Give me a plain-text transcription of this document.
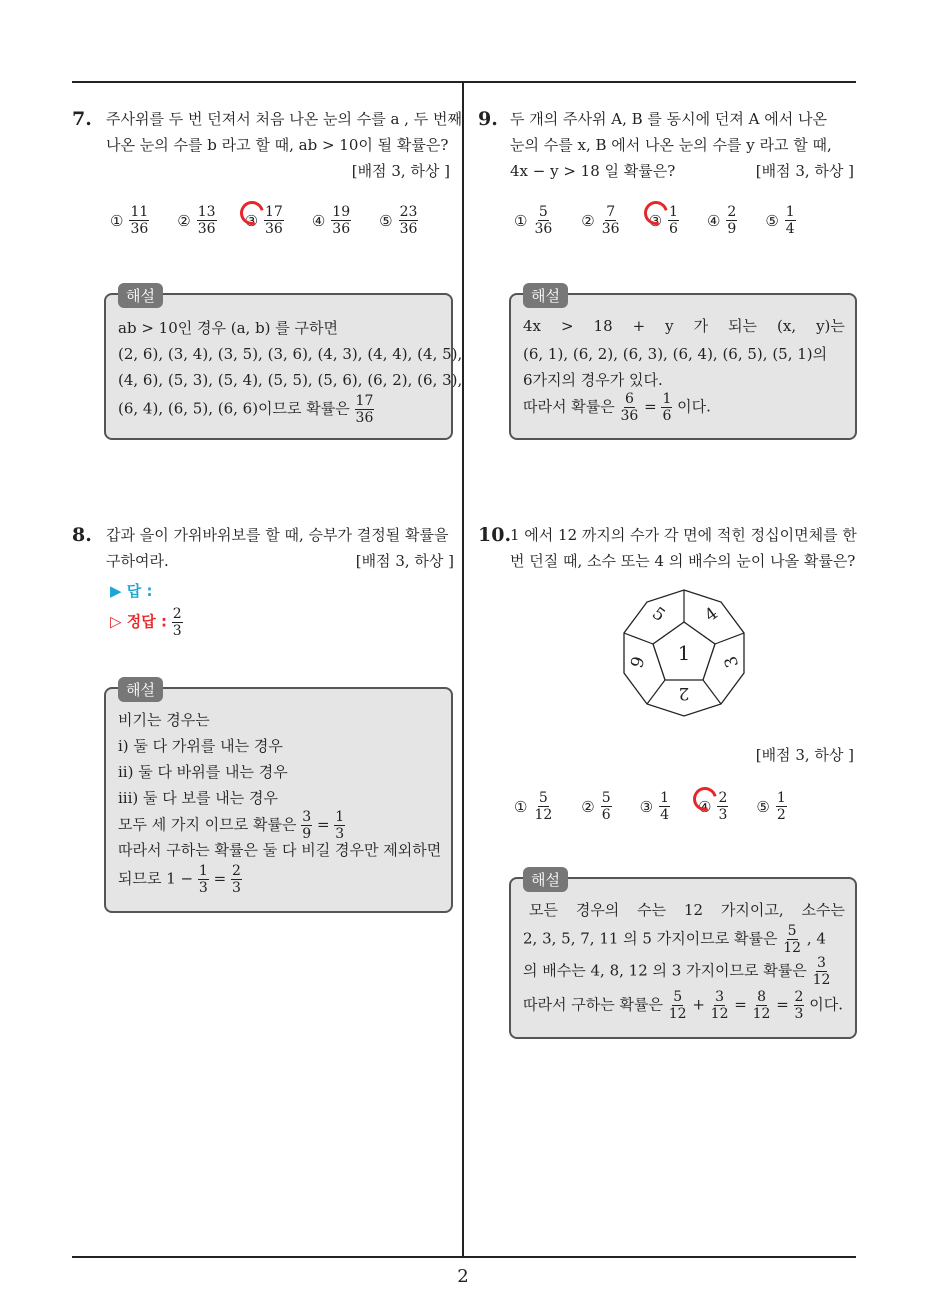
2
7. 주사위를 두 번 던져서 처음 나온 눈의 수를 a , 두 번째
나온 눈의 수를 b 라고 할 때, ab > 10이 될 확률은?
[배점 3, 하상 ]
① $\frac{11}{36}$ ② $\frac{13}{36}$ ③ $\frac{17}{36}$ ④ $\frac{19}{36}$ ⑤ $\frac{23}{36}$
해설
ab > 10인 경우 (a, b) 를 구하면
(2, 6), (3, 4), (3, 5), (3, 6), (4, 3), (4, 4), (4, 5),
(4, 6), (5, 3), (5, 4), (5, 5), (5, 6), (6, 2), (6, 3),
(6, 4), (6, 5), (6, 6)이므로 확률은 $\frac{17}{36}$
8. 갑과 을이 가위바위보를 할 때, 승부가 결정될 확률을
구하여라.	[배점 3, 하상 ]
▶ 답 :
▷ 정답 : $\frac{2}{3}$
해설
비기는 경우는
i) 둘 다 가위를 내는 경우
ii) 둘 다 바위를 내는 경우
iii) 둘 다 보를 내는 경우
모두 세 가지 이므로 확률은 $\frac{3}{9} = \frac{1}{3}$
따라서 구하는 확률은 둘 다 비길 경우만 제외하면
되므로 $1 - \frac{1}{3} = \frac{2}{3}$
9. 두 개의 주사위 A, B 를 동시에 던져 A 에서 나온
눈의 수를 x, B 에서 나온 눈의 수를 y 라고 할 때,
4x − y > 18 일 확률은?	[배점 3, 하상 ]
① $\frac{5}{36}$ ② $\frac{7}{36}$ ③ $\frac{1}{6}$ ④ $\frac{2}{9}$ ⑤ $\frac{1}{4}$
해설
4x > 18 + y 가 되는 (x, y)는
(6, 1), (6, 2), (6, 3), (6, 4), (6, 5), (5, 1)의
6가지의 경우가 있다.
따라서 확률은 $\frac{6}{36} = \frac{1}{6}$ 이다.
10.
1 에서 12 까지의 수가 각 면에 적힌 정십이면체를 한
번 던질 때, 소수 또는 4 의 배수의 눈이 나올 확률은?
1
5 4
3
2
6
[배점 3, 하상 ]
① $\frac{5}{12}$ ② $\frac{5}{6}$ ③ $\frac{1}{4}$ ④ $\frac{2}{3}$ ⑤ $\frac{1}{2}$
해설
모든 경우의 수는 12 가지이고, 소수는
2, 3, 5, 7, 11 의 5 가지이므로 확률은 $\frac{5}{12}$ , 4
의 배수는 4, 8, 12 의 3 가지이므로 확률은 $\frac{3}{12}$
따라서 구하는 확률은 $\frac{5}{12} + \frac{3}{12} = \frac{8}{12} = \frac{2}{3}$ 이다.
